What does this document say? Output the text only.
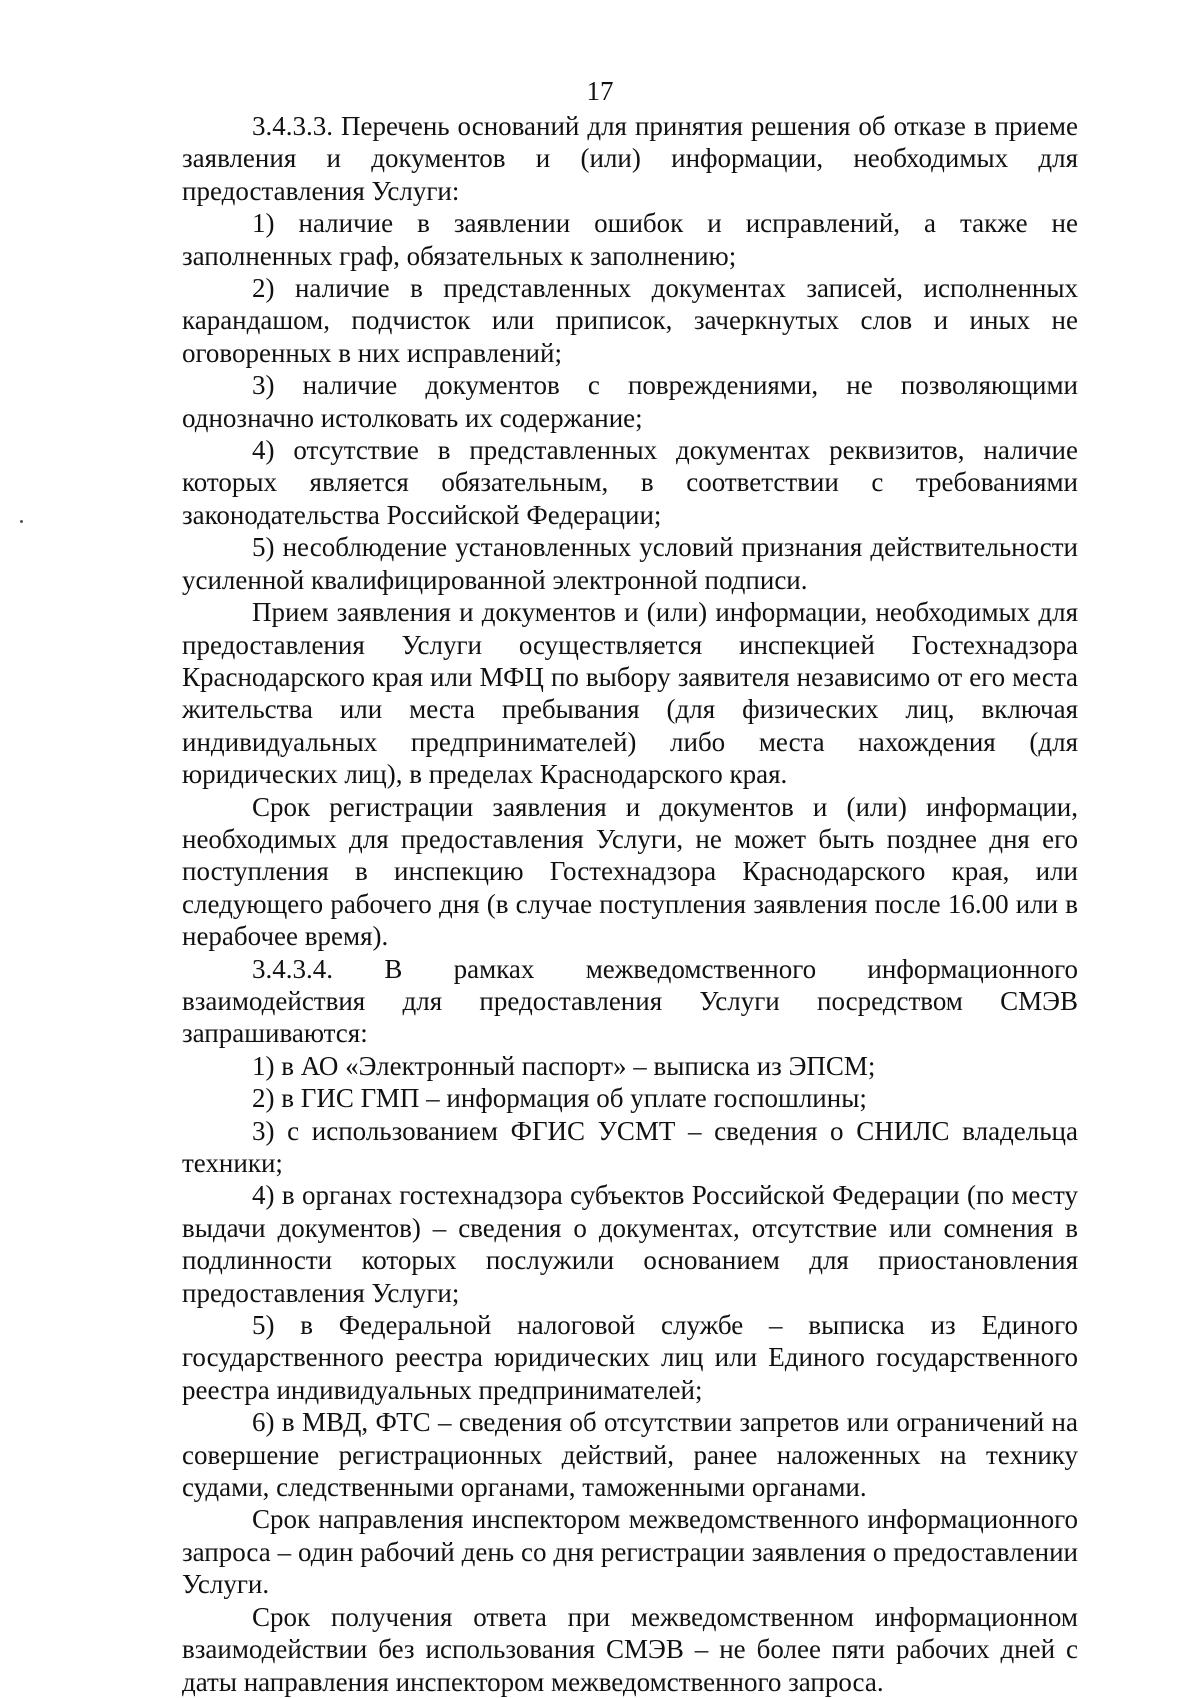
17

3.4.3.3. Перечень оснований для принятия решения об отказе в приеме заявления и документов и (или) информации, необходимых для предоставления Услуги:

1) наличие в заявлении ошибок и исправлений, а также не заполненных граф, обязательных к заполнению;

2) наличие в представленных документах записей, исполненных карандашом, подчисток или приписок, зачеркнутых слов и иных не оговоренных в них исправлений;

3) наличие документов с повреждениями, не позволяющими однозначно истолковать их содержание;

4) отсутствие в представленных документах реквизитов, наличие которых является обязательным, в соответствии с требованиями законодательства Российской Федерации;

5) несоблюдение установленных условий признания действительности усиленной квалифицированной электронной подписи.

Прием заявления и документов и (или) информации, необходимых для предоставления Услуги осуществляется инспекцией Гостехнадзора Краснодарского края или МФЦ по выбору заявителя независимо от его места жительства или места пребывания (для физических лиц, включая индивидуальных предпринимателей) либо места нахождения (для юридических лиц), в пределах Краснодарского края.

Срок регистрации заявления и документов и (или) информации, необходимых для предоставления Услуги, не может быть позднее дня его поступления в инспекцию Гостехнадзора Краснодарского края, или следующего рабочего дня (в случае поступления заявления после 16.00 или в нерабочее время).

3.4.3.4. В рамках межведомственного информационного взаимодействия для предоставления Услуги посредством СМЭВ запрашиваются:

1) в АО «Электронный паспорт» – выписка из ЭПСМ;

2) в ГИС ГМП – информация об уплате госпошлины;

3) с использованием ФГИС УСМТ – сведения о СНИЛС владельца техники;

4) в органах гостехнадзора субъектов Российской Федерации (по месту выдачи документов) – сведения о документах, отсутствие или сомнения в подлинности которых послужили основанием для приостановления предоставления Услуги;

5) в Федеральной налоговой службе – выписка из Единого государственного реестра юридических лиц или Единого государственного реестра индивидуальных предпринимателей;

6) в МВД, ФТС – сведения об отсутствии запретов или ограничений на совершение регистрационных действий, ранее наложенных на технику судами, следственными органами, таможенными органами.

Срок направления инспектором межведомственного информационного запроса – один рабочий день со дня регистрации заявления о предоставлении Услуги.

Срок получения ответа при межведомственном информационном взаимодействии без использования СМЭВ – не более пяти рабочих дней с даты направления инспектором межведомственного запроса.
